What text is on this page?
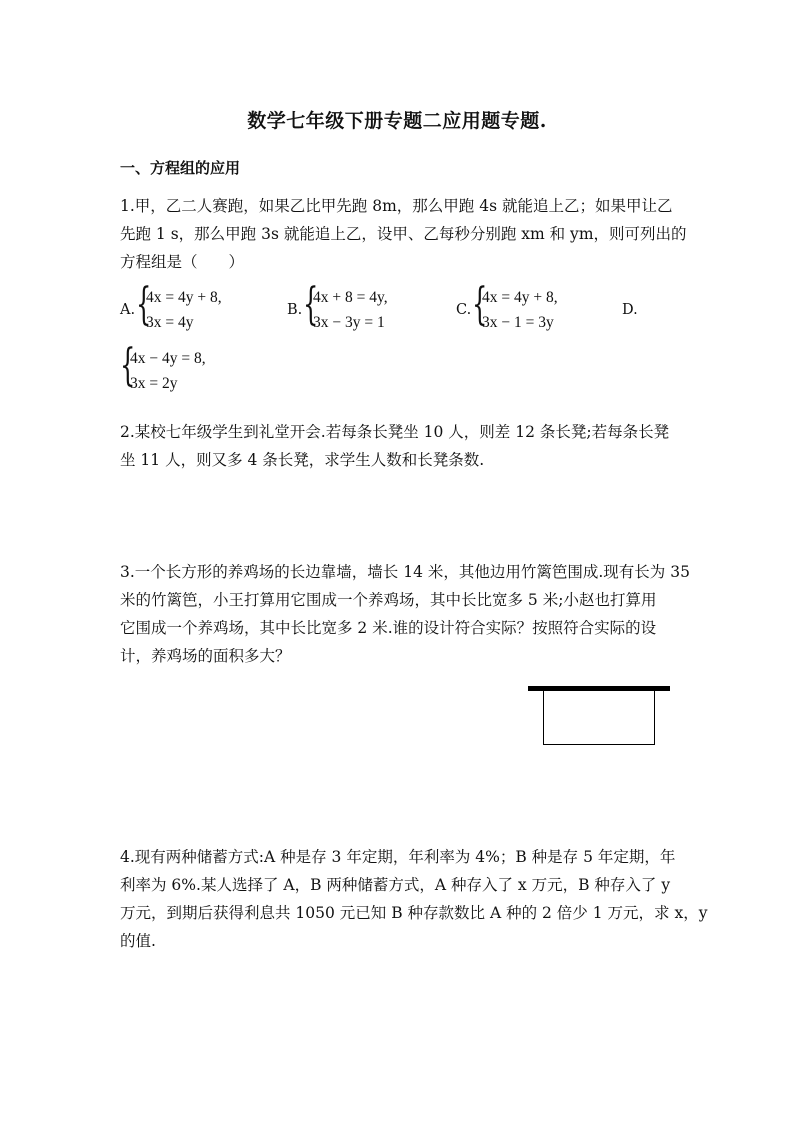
数学七年级下册专题二应用题专题.
一、方程组的应用
1.甲，乙二人赛跑，如果乙比甲先跑 8m，那么甲跑 4s 就能追上乙；如果甲让乙
先跑 1 s，那么甲跑 3s 就能追上乙，设甲、乙每秒分别跑 xm 和 ym，则可列出的
方程组是（　　）
A. {
4x = 4y + 8,
3x = 4y
B. {
4x + 8 = 4y,
3x − 3y = 1
C. {
4x = 4y + 8,
3x − 1 = 3y
D.
{
4x − 4y = 8,
3x = 2y
2.某校七年级学生到礼堂开会.若每条长凳坐 10 人，则差 12 条长凳;若每条长凳
坐 11 人，则又多 4 条长凳，求学生人数和长凳条数.
3.一个长方形的养鸡场的长边靠墙，墙长 14 米，其他边用竹篱笆围成.现有长为 35
米的竹篱笆，小王打算用它围成一个养鸡场，其中长比宽多 5 米;小赵也打算用
它围成一个养鸡场，其中长比宽多 2 米.谁的设计符合实际？按照符合实际的设
计，养鸡场的面积多大？
4.现有两种储蓄方式:A 种是存 3 年定期，年利率为 4%；B 种是存 5 年定期，年
利率为 6%.某人选择了 A，B 两种储蓄方式，A 种存入了 x 万元，B 种存入了 y
万元，到期后获得利息共 1050 元已知 B 种存款数比 A 种的 2 倍少 1 万元，求 x，y
的值.
